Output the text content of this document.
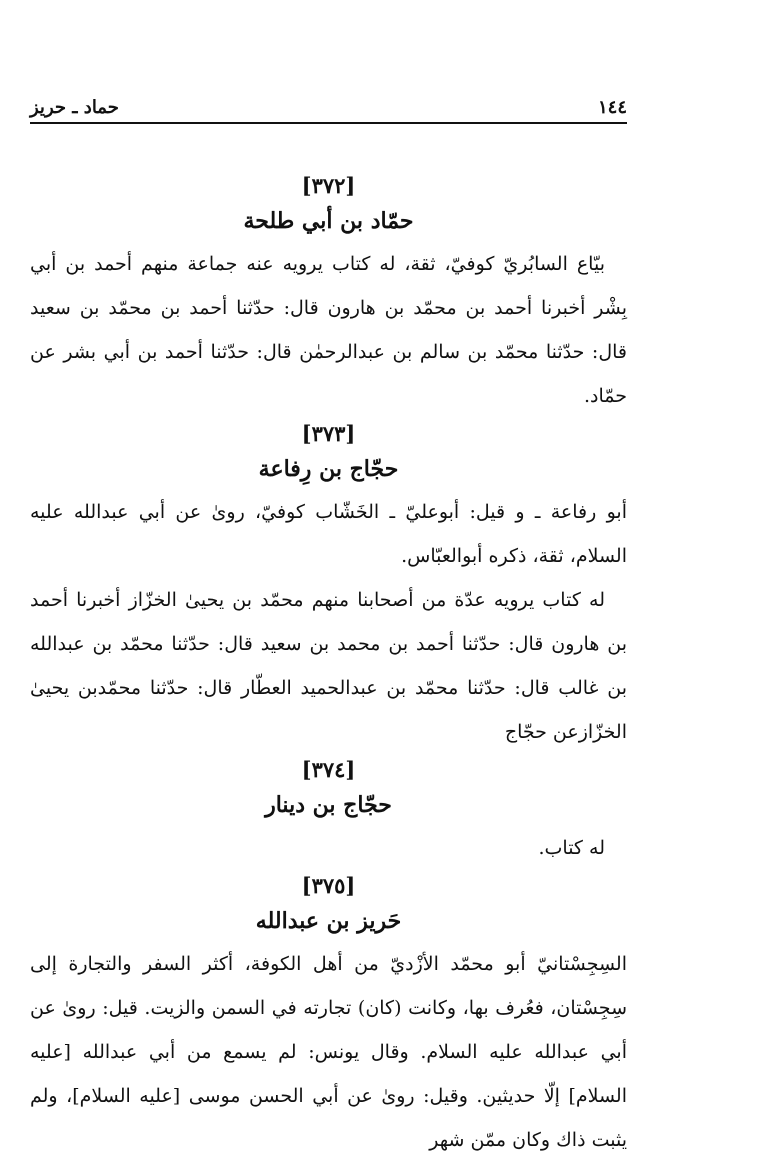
١٤٤
حماد ـ حريز
[٣٧٢]
حمّاد بن أبي طلحة

بيّاع السابُريّ كوفيّ، ثقة، له كتاب يرويه عنه جماعة منهم أحمد بن أبي بِشْر أخبرنا أحمد بن محمّد بن هارون قال: حدّثنا أحمد بن محمّد بن سعيد قال: حدّثنا محمّد بن سالم بن عبدالرحمٰن قال: حدّثنا أحمد بن أبي بشر عن حمّاد.

[٣٧٣]
حجّاج بن رِفاعة

أبو رفاعة ـ و قيل: أبوعليّ ـ الخَشّاب كوفيّ، روىٰ عن أبي عبدالله عليه السلام، ثقة، ذكره أبوالعبّاس.

له كتاب يرويه عدّة من أصحابنا منهم محمّد بن يحيىٰ الخزّاز أخبرنا أحمد بن هارون قال: حدّثنا أحمد بن محمد بن سعيد قال: حدّثنا محمّد بن عبدالله بن غالب قال: حدّثنا محمّد بن عبدالحميد العطّار قال: حدّثنا محمّدبن يحيىٰ الخزّازعن حجّاج

[٣٧٤]
حجّاج بن دينار

له كتاب.

[٣٧٥]
حَريز بن عبدالله

السِجِسْتانيّ أبو محمّد الأزْديّ من أهل الكوفة، أكثر السفر والتجارة إلى سِجِسْتان، فعُرف بها، وكانت (كان) تجارته في السمن والزيت. قيل: روىٰ عن أبي عبدالله عليه السلام. وقال يونس: لم يسمع من أبي عبدالله [عليه السلام] إلّا حديثين. وقيل: روىٰ عن أبي الحسن موسى [عليه السلام]، ولم يثبت ذاك وكان ممّن شهر
